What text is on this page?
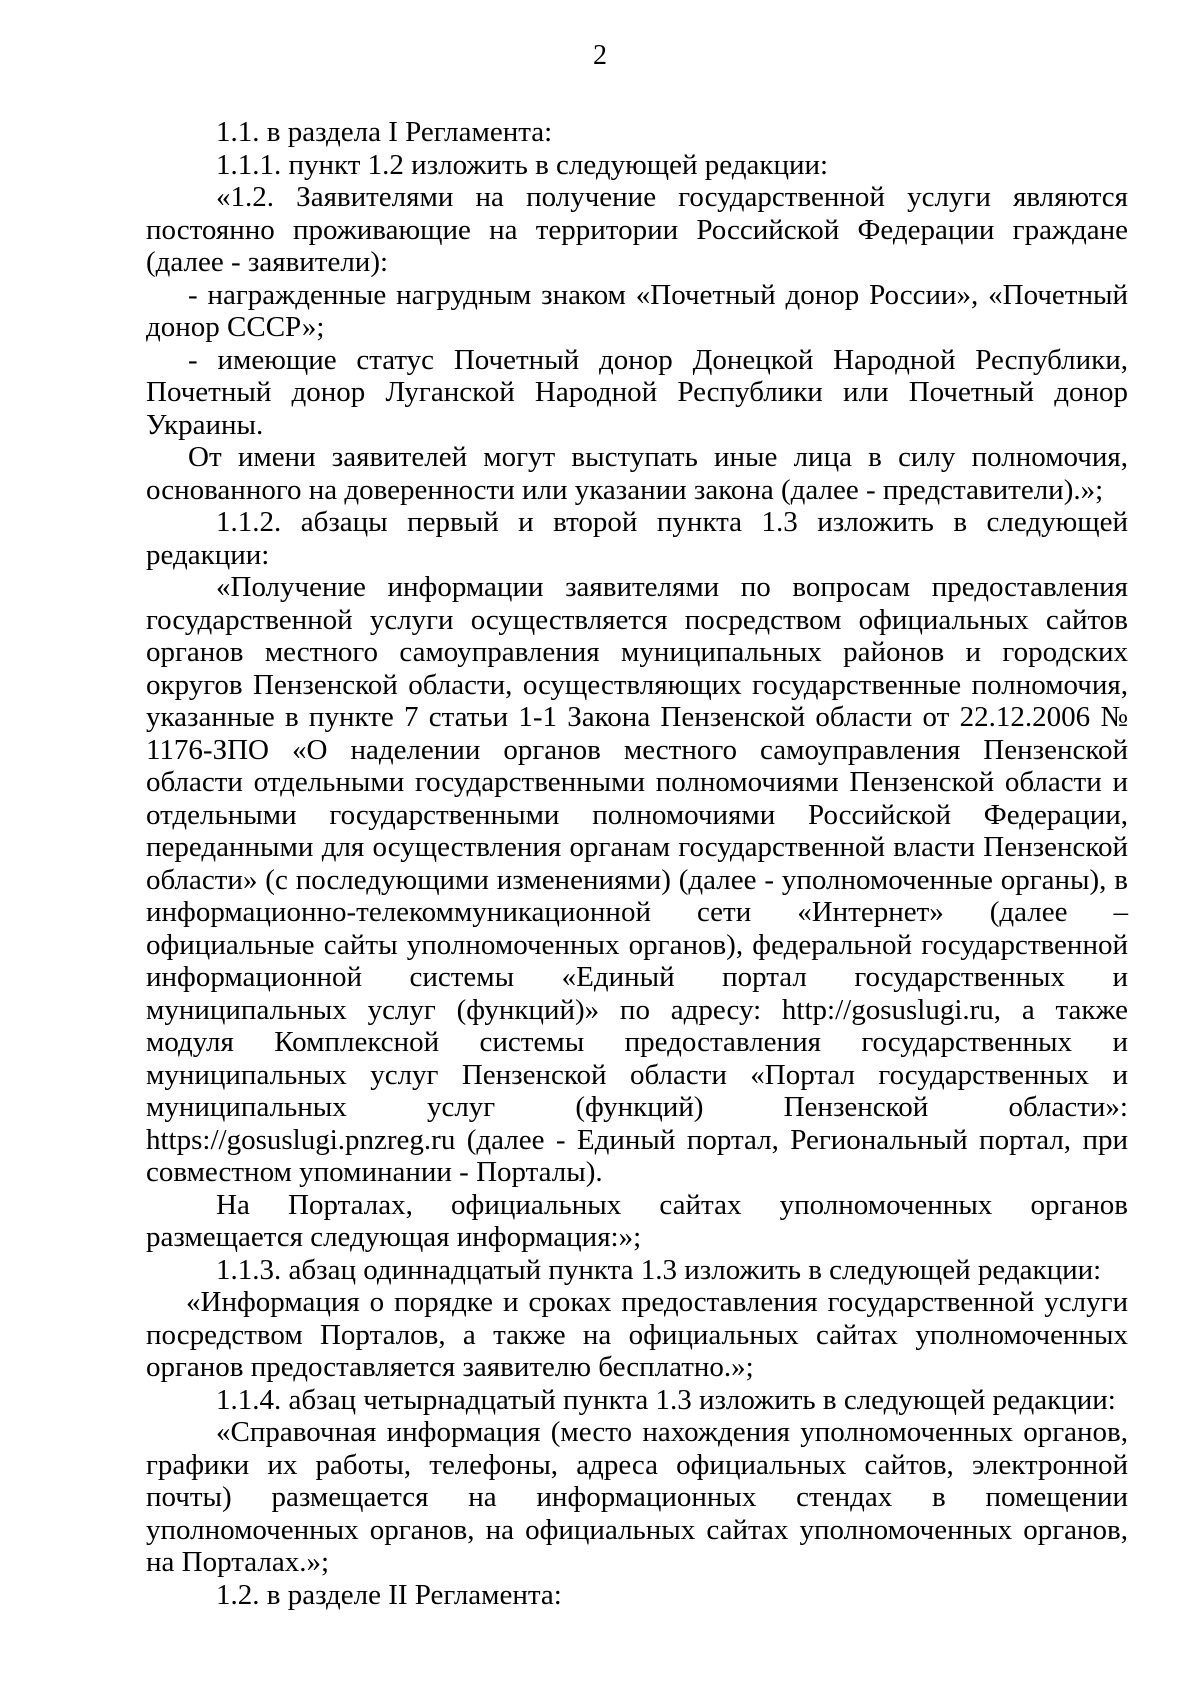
2

1.1. в раздела I Регламента:

1.1.1. пункт 1.2 изложить в следующей редакции:

«1.2. Заявителями на получение государственной услуги являются постоянно проживающие на территории Российской Федерации граждане (далее - заявители):

- награжденные нагрудным знаком «Почетный донор России», «Почетный донор СССР»;

- имеющие статус Почетный донор Донецкой Народной Республики, Почетный донор Луганской Народной Республики или Почетный донор Украины.

От имени заявителей могут выступать иные лица в силу полномочия, основанного на доверенности или указании закона (далее - представители).»;

1.1.2. абзацы первый и второй пункта 1.3 изложить в следующей редакции:

«Получение информации заявителями по вопросам предоставления государственной услуги осуществляется посредством официальных сайтов органов местного самоуправления муниципальных районов и городских округов Пензенской области, осуществляющих государственные полномочия, указанные в пункте 7 статьи 1-1 Закона Пензенской области от 22.12.2006 № 1176-ЗПО «О наделении органов местного самоуправления Пензенской области отдельными государственными полномочиями Пензенской области и отдельными государственными полномочиями Российской Федерации, переданными для осуществления органам государственной власти Пензенской области» (с последующими изменениями) (далее - уполномоченные органы), в информационно-телекоммуникационной сети «Интернет» (далее – официальные сайты уполномоченных органов), федеральной государственной информационной системы «Единый портал государственных и муниципальных услуг (функций)» по адресу: http://gosuslugi.ru, а также модуля Комплексной системы предоставления государственных и муниципальных услуг Пензенской области «Портал государственных и муниципальных услуг (функций) Пензенской области»: https://gosuslugi.pnzreg.ru (далее - Единый портал, Региональный портал, при совместном упоминании - Порталы).

На Порталах, официальных сайтах уполномоченных органов размещается следующая информация:»;

1.1.3. абзац одиннадцатый пункта 1.3 изложить в следующей редакции:

«Информация о порядке и сроках предоставления государственной услуги посредством Порталов, а также на официальных сайтах уполномоченных органов предоставляется заявителю бесплатно.»;

1.1.4. абзац четырнадцатый пункта 1.3 изложить в следующей редакции:

«Справочная информация (место нахождения уполномоченных органов, графики их работы, телефоны, адреса официальных сайтов, электронной почты) размещается на информационных стендах в помещении уполномоченных органов, на официальных сайтах уполномоченных органов, на Порталах.»;

1.2. в разделе II Регламента:
